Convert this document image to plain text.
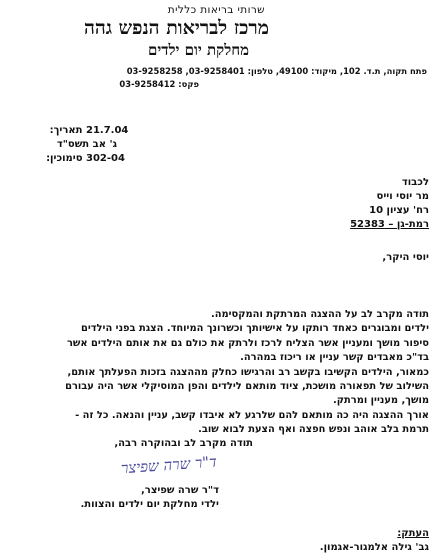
שרותי בריאות כללית
מרכז לבריאות הנפש גהה
מחלקת יום ילדים
פתח תקוה, ת.ד. 102, מיקוד: 49100, טלפון: 03-9258401, 03-9258258
פקס: 03-9258412
תאריך: 21.7.04
ג' אב תשס"ד
סימוכין: 302-04
לכבוד
מר יוסי וייס
רח' עציון 10
רמת-גן – 52383
יוסי היקר,
תודה מקרב לב על ההצגה המרתקת והמקסימה.
ילדים ומבוגרים כאחד רותקו על אישיותך וכשרונך המיוחד. הצגת בפני הילדים
סיפור מושך ומעניין אשר הצליח לרכז ולרתק את כולם גם את אותם הילדים אשר
בד"כ מאבדים קשר עניין או ריכוז במהרה.
כמאור, הילדים הקשיבו בקשב רב והרגישו כחלק מההצגה בזכות הפעלתך אותם,
השילוב של תפאורה מושכת, ציוד מותאם לילדים והפן המוסיקלי אשר היה עבורם
מושך, מעניין ומרתק.
אורך ההצגה היה כה מותאם להם שלרגע לא איבדו קשב, עניין והנאה. כל זה -
תרמת בלב אוהב ונפש חפצה ואף הצעת לבוא שוב.
תודה מקרב לב ובהוקרה רבה,
ד"ר שרה שפיצר
ד"ר שרה שפיצר,
ילדי מחלקת יום ילדים והצוות.
העתק:
גב' גילה אלמגור-אגמון.
